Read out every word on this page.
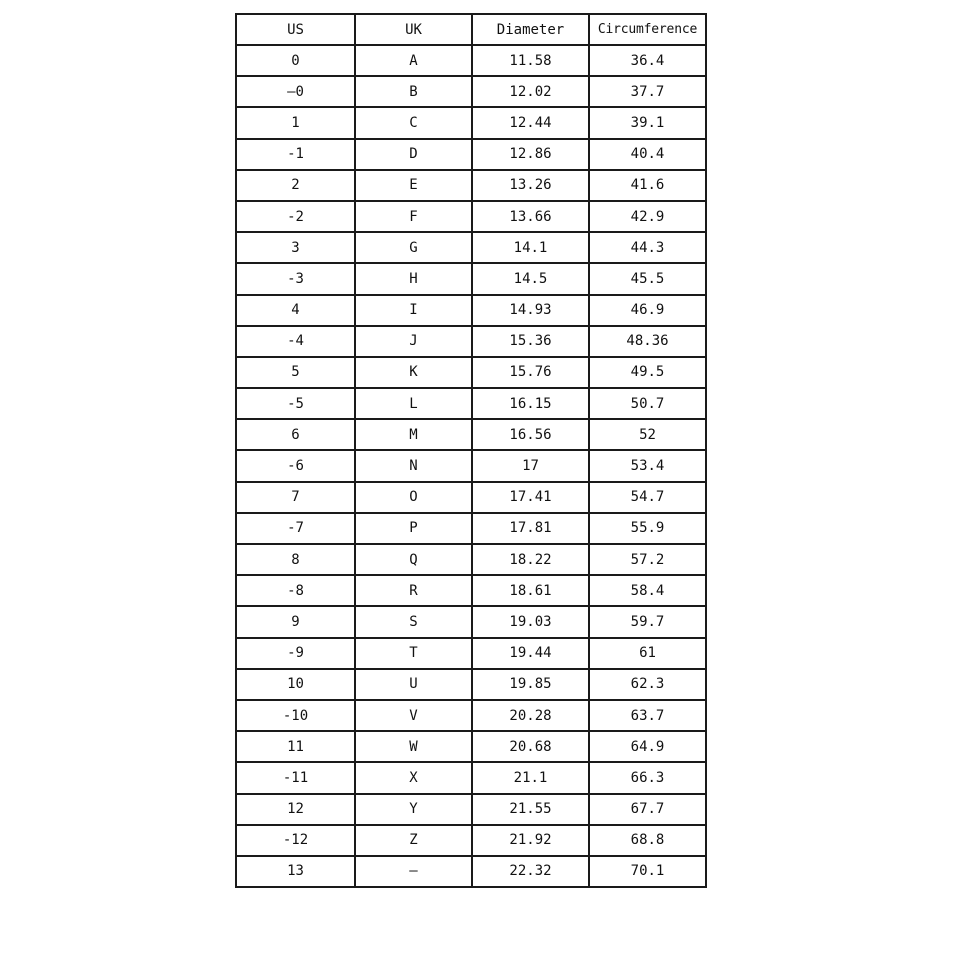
US	UK	Diameter	Circumference
0	A	11.58	36.4
—0	B	12.02	37.7
1	C	12.44	39.1
-1	D	12.86	40.4
2	E	13.26	41.6
-2	F	13.66	42.9
3	G	14.1	44.3
-3	H	14.5	45.5
4	I	14.93	46.9
-4	J	15.36	48.36
5	K	15.76	49.5
-5	L	16.15	50.7
6	M	16.56	52
-6	N	17	53.4
7	O	17.41	54.7
-7	P	17.81	55.9
8	Q	18.22	57.2
-8	R	18.61	58.4
9	S	19.03	59.7
-9	T	19.44	61
10	U	19.85	62.3
-10	V	20.28	63.7
11	W	20.68	64.9
-11	X	21.1	66.3
12	Y	21.55	67.7
-12	Z	21.92	68.8
13	—	22.32	70.1
